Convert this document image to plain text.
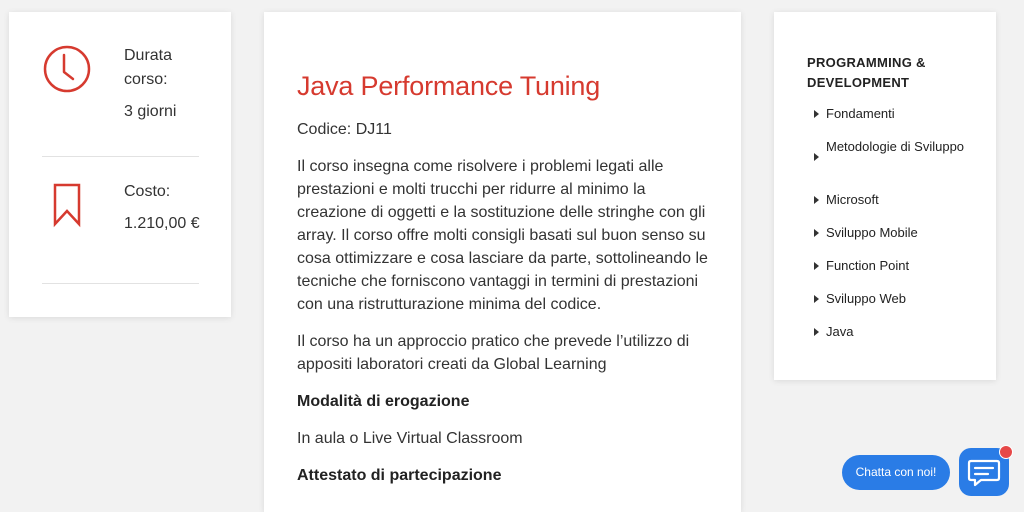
Durata corso:
3 giorni
Costo:
1.210,00 €
Java Performance Tuning

Codice: DJ11

Il corso insegna come risolvere i problemi legati alle prestazioni e molti trucchi per ridurre al minimo la creazione di oggetti e la sostituzione delle stringhe con gli array. Il corso offre molti consigli basati sul buon senso su cosa ottimizzare e cosa lasciare da parte, sottolineando le tecniche che forniscono vantaggi in termini di prestazioni con una ristrutturazione minima del codice.

Il corso ha un approccio pratico che prevede l’utilizzo di appositi laboratori creati da Global Learning

Modalità di erogazione

In aula o Live Virtual Classroom

Attestato di partecipazione

PROGRAMMING & DEVELOPMENT
Fondamenti
Metodologie di Sviluppo
Microsoft
Sviluppo Mobile
Function Point
Sviluppo Web
Java
Chatta con noi!
